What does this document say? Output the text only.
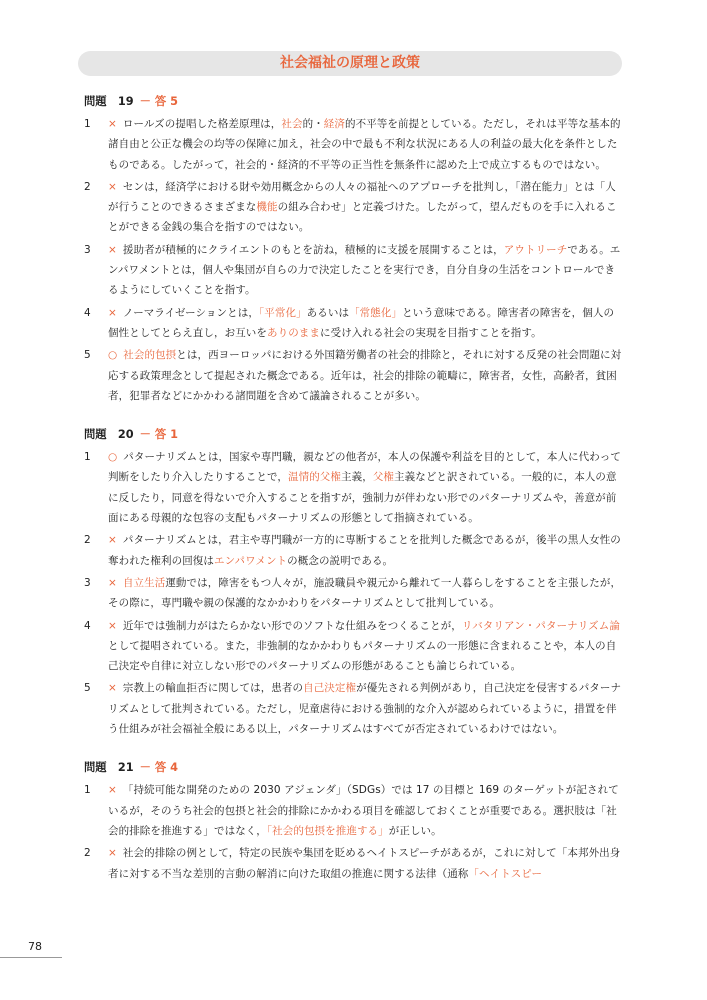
社会福祉の原理と政策
問題　19 － 答 5
1	× ロールズの提唱した格差原理は，社会的・経済的不平等を前提としている。ただし，それは平等な基本的諸自由と公正な機会の均等の保障に加え，社会の中で最も不利な状況にある人の利益の最大化を条件としたものである。したがって，社会的・経済的不平等の正当性を無条件に認めた上で成立するものではない。
2	× センは，経済学における財や効用概念からの人々の福祉へのアプローチを批判し，「潜在能力」とは「人が行うことのできるさまざまな機能の組み合わせ」と定義づけた。したがって，望んだものを手に入れることができる金銭の集合を指すのではない。
3	× 援助者が積極的にクライエントのもとを訪ね，積極的に支援を展開することは，アウトリーチである。エンパワメントとは，個人や集団が自らの力で決定したことを実行でき，自分自身の生活をコントロールできるようにしていくことを指す。
4	× ノーマライゼーションとは，「平常化」あるいは「常態化」という意味である。障害者の障害を，個人の個性としてとらえ直し，お互いをありのままに受け入れる社会の実現を目指すことを指す。
5	○ 社会的包摂とは，西ヨーロッパにおける外国籍労働者の社会的排除と，それに対する反発の社会問題に対応する政策理念として提起された概念である。近年は，社会的排除の範疇に，障害者，女性，高齢者，貧困者，犯罪者などにかかわる諸問題を含めて議論されることが多い。
問題　20 － 答 1
1	○ パターナリズムとは，国家や専門職，親などの他者が，本人の保護や利益を目的として，本人に代わって判断をしたり介入したりすることで，温情的父権主義，父権主義などと訳されている。一般的に，本人の意に反したり，同意を得ないで介入することを指すが，強制力が伴わない形でのパターナリズムや，善意が前面にある母親的な包容の支配もパターナリズムの形態として指摘されている。
2	× パターナリズムとは，君主や専門職が一方的に専断することを批判した概念であるが，後半の黒人女性の奪われた権利の回復はエンパワメントの概念の説明である。
3	× 自立生活運動では，障害をもつ人々が，施設職員や親元から離れて一人暮らしをすることを主張したが，その際に，専門職や親の保護的なかかわりをパターナリズムとして批判している。
4	× 近年では強制力がはたらかない形でのソフトな仕組みをつくることが，リバタリアン・パターナリズム論として提唱されている。また，非強制的なかかわりもパターナリズムの一形態に含まれることや，本人の自己決定や自律に対立しない形でのパターナリズムの形態があることも論じられている。
5	× 宗教上の輸血拒否に関しては，患者の自己決定権が優先される判例があり，自己決定を侵害するパターナリズムとして批判されている。ただし，児童虐待における強制的な介入が認められているように，措置を伴う仕組みが社会福祉全般にある以上，パターナリズムはすべてが否定されているわけではない。
問題　21 － 答 4
1	× 「持続可能な開発のための 2030 アジェンダ」（SDGs）では 17 の目標と 169 のターゲットが記されているが，そのうち社会的包摂と社会的排除にかかわる項目を確認しておくことが重要である。選択肢は「社会的排除を推進する」ではなく，「社会的包摂を推進する」が正しい。
2	× 社会的排除の例として，特定の民族や集団を貶めるヘイトスピーチがあるが，これに対して「本邦外出身者に対する不当な差別的言動の解消に向けた取組の推進に関する法律（通称「ヘイトスピー
78
